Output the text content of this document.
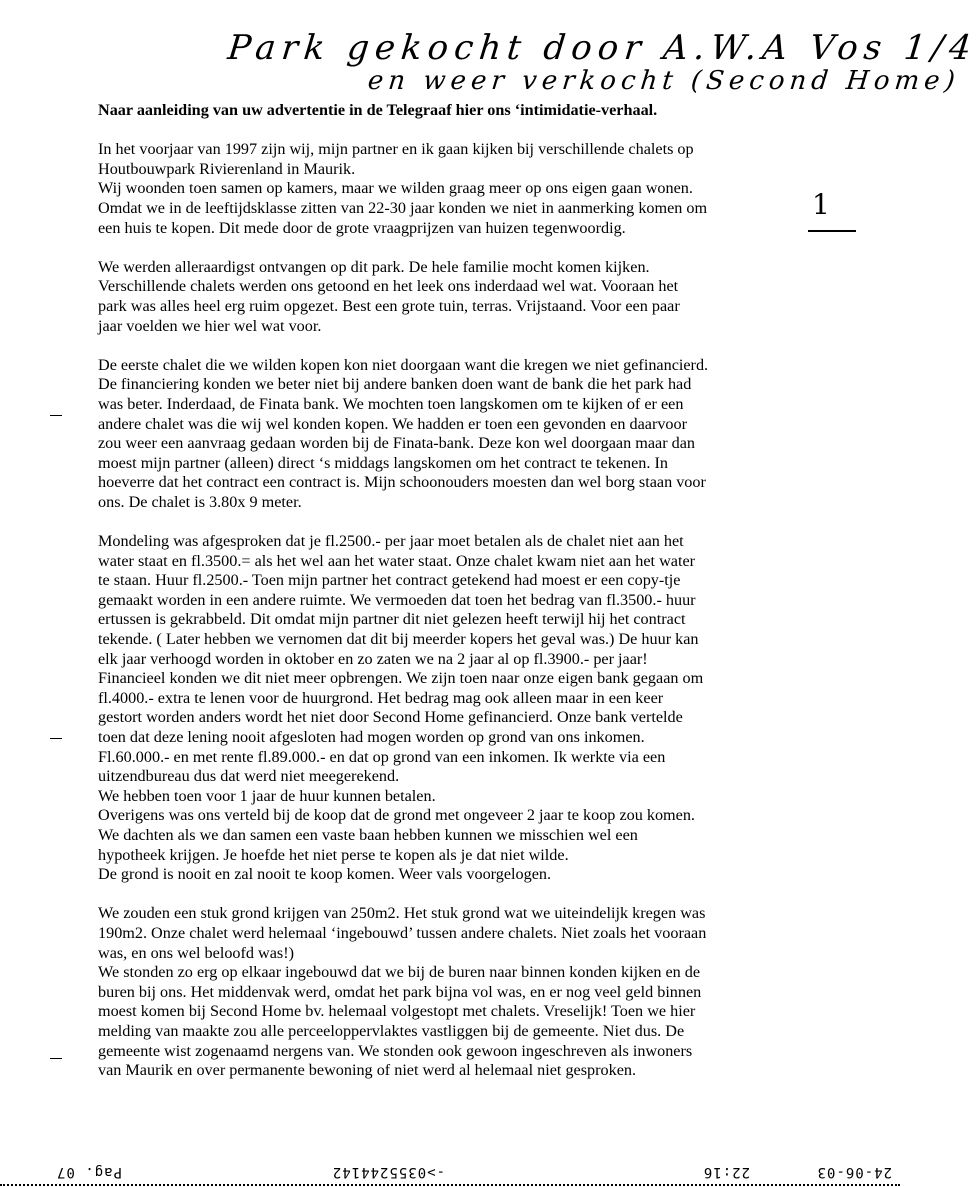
Park gekocht door A.W.A Vos 1/4
en weer verkocht (Second Home)

Naar aanleiding van uw advertentie in de Telegraaf hier ons ‘intimidatie-verhaal.

In het voorjaar van 1997 zijn wij, mijn partner en ik gaan kijken bij verschillende chalets op
Houtbouwpark Rivierenland in Maurik.
Wij woonden toen samen op kamers, maar we wilden graag meer op ons eigen gaan wonen.
Omdat we in de leeftijdsklasse zitten van 22-30 jaar konden we niet in aanmerking komen om
een huis te kopen. Dit mede door de grote vraagprijzen van huizen tegenwoordig.

We werden alleraardigst ontvangen op dit park. De hele familie mocht komen kijken.
Verschillende chalets werden ons getoond en het leek ons inderdaad wel wat. Vooraan het
park was alles heel erg ruim opgezet. Best een grote tuin, terras. Vrijstaand. Voor een paar
jaar voelden we hier wel wat voor.

De eerste chalet die we wilden kopen kon niet doorgaan want die kregen we niet gefinancierd.
De financiering konden we beter niet bij andere banken doen want de bank die het park had
was beter. Inderdaad, de Finata bank. We mochten toen langskomen om te kijken of er een
andere chalet was die wij wel konden kopen. We hadden er toen een gevonden en daarvoor
zou weer een aanvraag gedaan worden bij de Finata-bank. Deze kon wel doorgaan maar dan
moest mijn partner (alleen) direct ‘s middags langskomen om het contract te tekenen. In
hoeverre dat het contract een contract is. Mijn schoonouders moesten dan wel borg staan voor
ons. De chalet is 3.80x 9 meter.

Mondeling was afgesproken dat je fl.2500.- per jaar moet betalen als de chalet niet aan het
water staat en fl.3500.= als het wel aan het water staat. Onze chalet kwam niet aan het water
te staan. Huur fl.2500.- Toen mijn partner het contract getekend had moest er een copy-tje
gemaakt worden in een andere ruimte. We vermoeden dat toen het bedrag van fl.3500.- huur
ertussen is gekrabbeld. Dit omdat mijn partner dit niet gelezen heeft terwijl hij het contract
tekende. ( Later hebben we vernomen dat dit bij meerder kopers het geval was.) De huur kan
elk jaar verhoogd worden in oktober en zo zaten we na 2 jaar al op fl.3900.- per jaar!
Financieel konden we dit niet meer opbrengen. We zijn toen naar onze eigen bank gegaan om
fl.4000.- extra te lenen voor de huurgrond. Het bedrag mag ook alleen maar in een keer
gestort worden anders wordt het niet door Second Home gefinancierd. Onze bank vertelde
toen dat deze lening nooit afgesloten had mogen worden op grond van ons inkomen.
Fl.60.000.- en met rente fl.89.000.- en dat op grond van een inkomen. Ik werkte via een
uitzendbureau dus dat werd niet meegerekend.
We hebben toen voor 1 jaar de huur kunnen betalen.
Overigens was ons verteld bij de koop dat de grond met ongeveer 2 jaar te koop zou komen.
We dachten als we dan samen een vaste baan hebben kunnen we misschien wel een
hypotheek krijgen. Je hoefde het niet perse te kopen als je dat niet wilde.
De grond is nooit en zal nooit te koop komen. Weer vals voorgelogen.

We zouden een stuk grond krijgen van 250m2. Het stuk grond wat we uiteindelijk kregen was
190m2. Onze chalet werd helemaal ‘ingebouwd’ tussen andere chalets. Niet zoals het vooraan
was, en ons wel beloofd was!)
We stonden zo erg op elkaar ingebouwd dat we bij de buren naar binnen konden kijken en de
buren bij ons. Het middenvak werd, omdat het park bijna vol was, en er nog veel geld binnen
moest komen bij Second Home bv. helemaal volgestopt met chalets. Vreselijk! Toen we hier
melding van maakte zou alle perceeloppervlaktes vastliggen bij de gemeente. Niet dus. De
gemeente wist zogenaamd nergens van. We stonden ook gewoon ingeschreven als inwoners
van Maurik en over permanente bewoning of niet werd al helemaal niet gesproken.

1
24-06-03
22:16
->0355244142
Pag. 07
